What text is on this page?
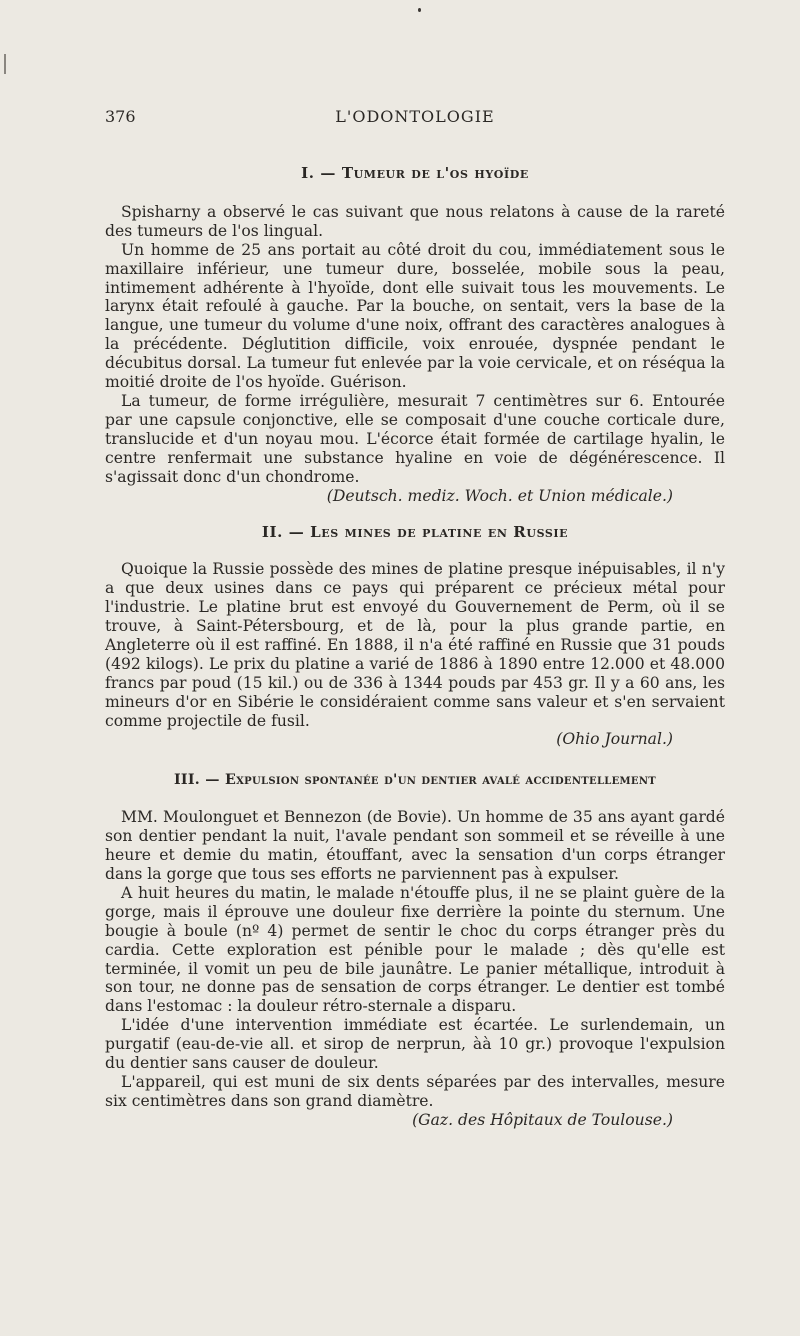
376	L'ODONTOLOGIE
I. — Tumeur de l'os hyoïde

Spisharny a observé le cas suivant que nous relatons à cause de la rareté des tumeurs de l'os lingual.

Un homme de 25 ans portait au côté droit du cou, immédiatement sous le maxillaire inférieur, une tumeur dure, bosselée, mobile sous la peau, intimement adhérente à l'hyoïde, dont elle suivait tous les mouvements. Le larynx était refoulé à gauche. Par la bouche, on sentait, vers la base de la langue, une tumeur du volume d'une noix, offrant des caractères analogues à la précédente. Déglutition difficile, voix enrouée, dyspnée pendant le décubitus dorsal. La tumeur fut enlevée par la voie cervicale, et on réséqua la moitié droite de l'os hyoïde. Guérison.

La tumeur, de forme irrégulière, mesurait 7 centimètres sur 6. Entourée par une capsule conjonctive, elle se composait d'une couche corticale dure, translucide et d'un noyau mou. L'écorce était formée de cartilage hyalin, le centre renfermait une substance hyaline en voie de dégénérescence. Il s'agissait donc d'un chondrome.

(Deutsch. mediz. Woch. et Union médicale.)

II. — Les mines de platine en Russie

Quoique la Russie possède des mines de platine presque inépuisables, il n'y a que deux usines dans ce pays qui préparent ce précieux métal pour l'industrie. Le platine brut est envoyé du Gouvernement de Perm, où il se trouve, à Saint-Pétersbourg, et de là, pour la plus grande partie, en Angleterre où il est raffiné. En 1888, il n'a été raffiné en Russie que 31 pouds (492 kilogs). Le prix du platine a varié de 1886 à 1890 entre 12.000 et 48.000 francs par poud (15 kil.) ou de 336 à 1344 pouds par 453 gr. Il y a 60 ans, les mineurs d'or en Sibérie le considéraient comme sans valeur et s'en servaient comme projectile de fusil.

(Ohio Journal.)

III. — Expulsion spontanée d'un dentier avalé accidentellement

MM. Moulonguet et Bennezon (de Bovie). Un homme de 35 ans ayant gardé son dentier pendant la nuit, l'avale pendant son sommeil et se réveille à une heure et demie du matin, étouffant, avec la sensation d'un corps étranger dans la gorge que tous ses efforts ne parviennent pas à expulser.

A huit heures du matin, le malade n'étouffe plus, il ne se plaint guère de la gorge, mais il éprouve une douleur fixe derrière la pointe du sternum. Une bougie à boule (nº 4) permet de sentir le choc du corps étranger près du cardia. Cette exploration est pénible pour le malade ; dès qu'elle est terminée, il vomit un peu de bile jaunâtre. Le panier métallique, introduit à son tour, ne donne pas de sensation de corps étranger. Le dentier est tombé dans l'estomac : la douleur rétro-sternale a disparu.

L'idée d'une intervention immédiate est écartée. Le surlendemain, un purgatif (eau-de-vie all. et sirop de nerprun, àà 10 gr.) provoque l'expulsion du dentier sans causer de douleur.

L'appareil, qui est muni de six dents séparées par des intervalles, mesure six centimètres dans son grand diamètre.

(Gaz. des Hôpitaux de Toulouse.)
